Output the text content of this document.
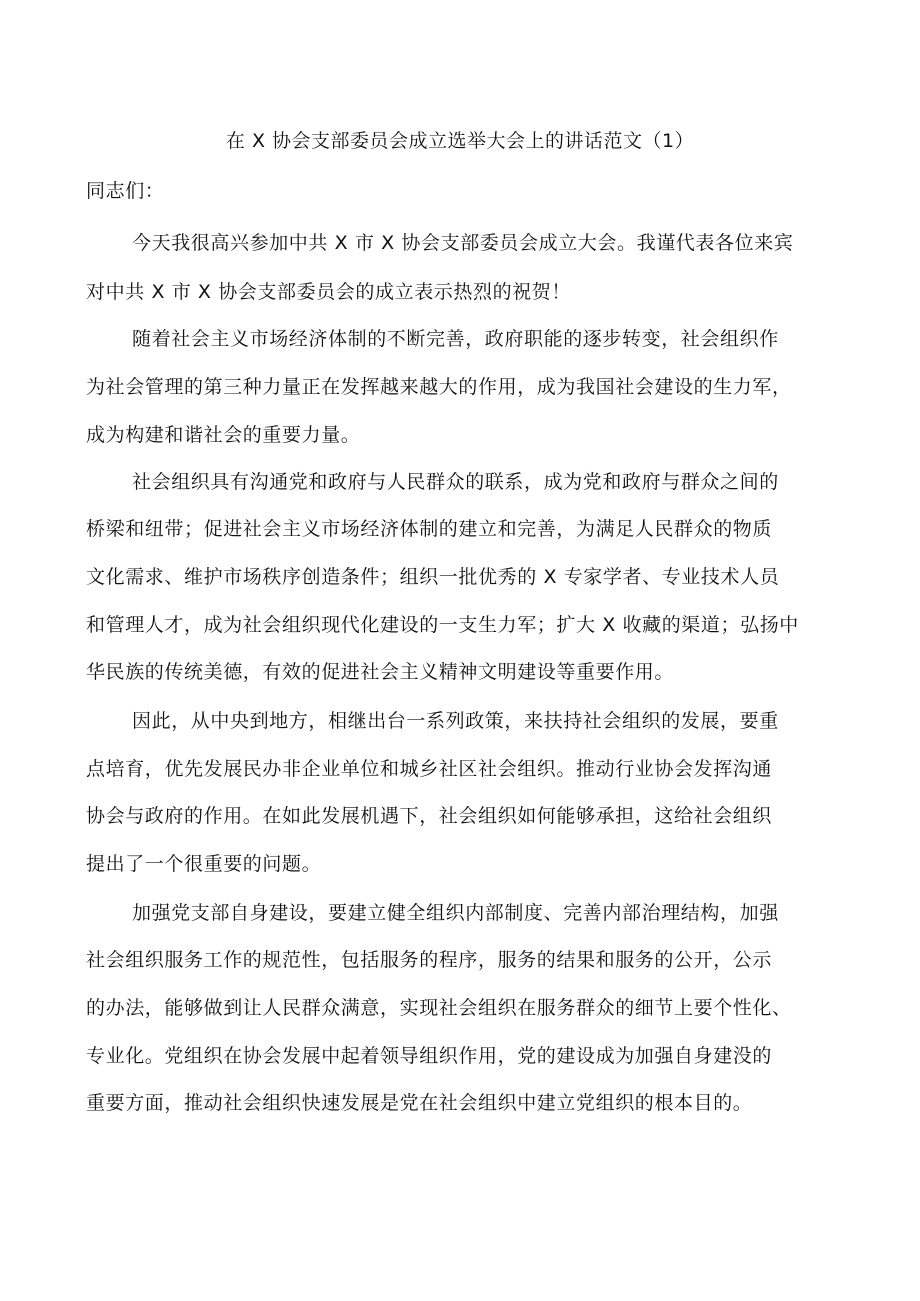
在 X 协会支部委员会成立选举大会上的讲话范文（1）

同志们：

今天我很高兴参加中共 X 市 X 协会支部委员会成立大会。我谨代表各位来宾

对中共 X 市 X 协会支部委员会的成立表示热烈的祝贺！

随着社会主义市场经济体制的不断完善，政府职能的逐步转变，社会组织作

为社会管理的第三种力量正在发挥越来越大的作用，成为我国社会建设的生力军，

成为构建和谐社会的重要力量。

社会组织具有沟通党和政府与人民群众的联系，成为党和政府与群众之间的

桥梁和纽带；促进社会主义市场经济体制的建立和完善，为满足人民群众的物质

文化需求、维护市场秩序创造条件；组织一批优秀的 X 专家学者、专业技术人员

和管理人才，成为社会组织现代化建设的一支生力军；扩大 X 收藏的渠道；弘扬中

华民族的传统美德，有效的促进社会主义精神文明建设等重要作用。

因此，从中央到地方，相继出台一系列政策，来扶持社会组织的发展，要重

点培育，优先发展民办非企业单位和城乡社区社会组织。推动行业协会发挥沟通

协会与政府的作用。在如此发展机遇下，社会组织如何能够承担，这给社会组织

提出了一个很重要的问题。

加强党支部自身建设，要建立健全组织内部制度、完善内部治理结构，加强

社会组织服务工作的规范性，包括服务的程序，服务的结果和服务的公开，公示

的办法，能够做到让人民群众满意，实现社会组织在服务群众的细节上要个性化、

专业化。党组织在协会发展中起着领导组织作用，党的建设成为加强自身建没的

重要方面，推动社会组织快速发展是党在社会组织中建立党组织的根本目的。
